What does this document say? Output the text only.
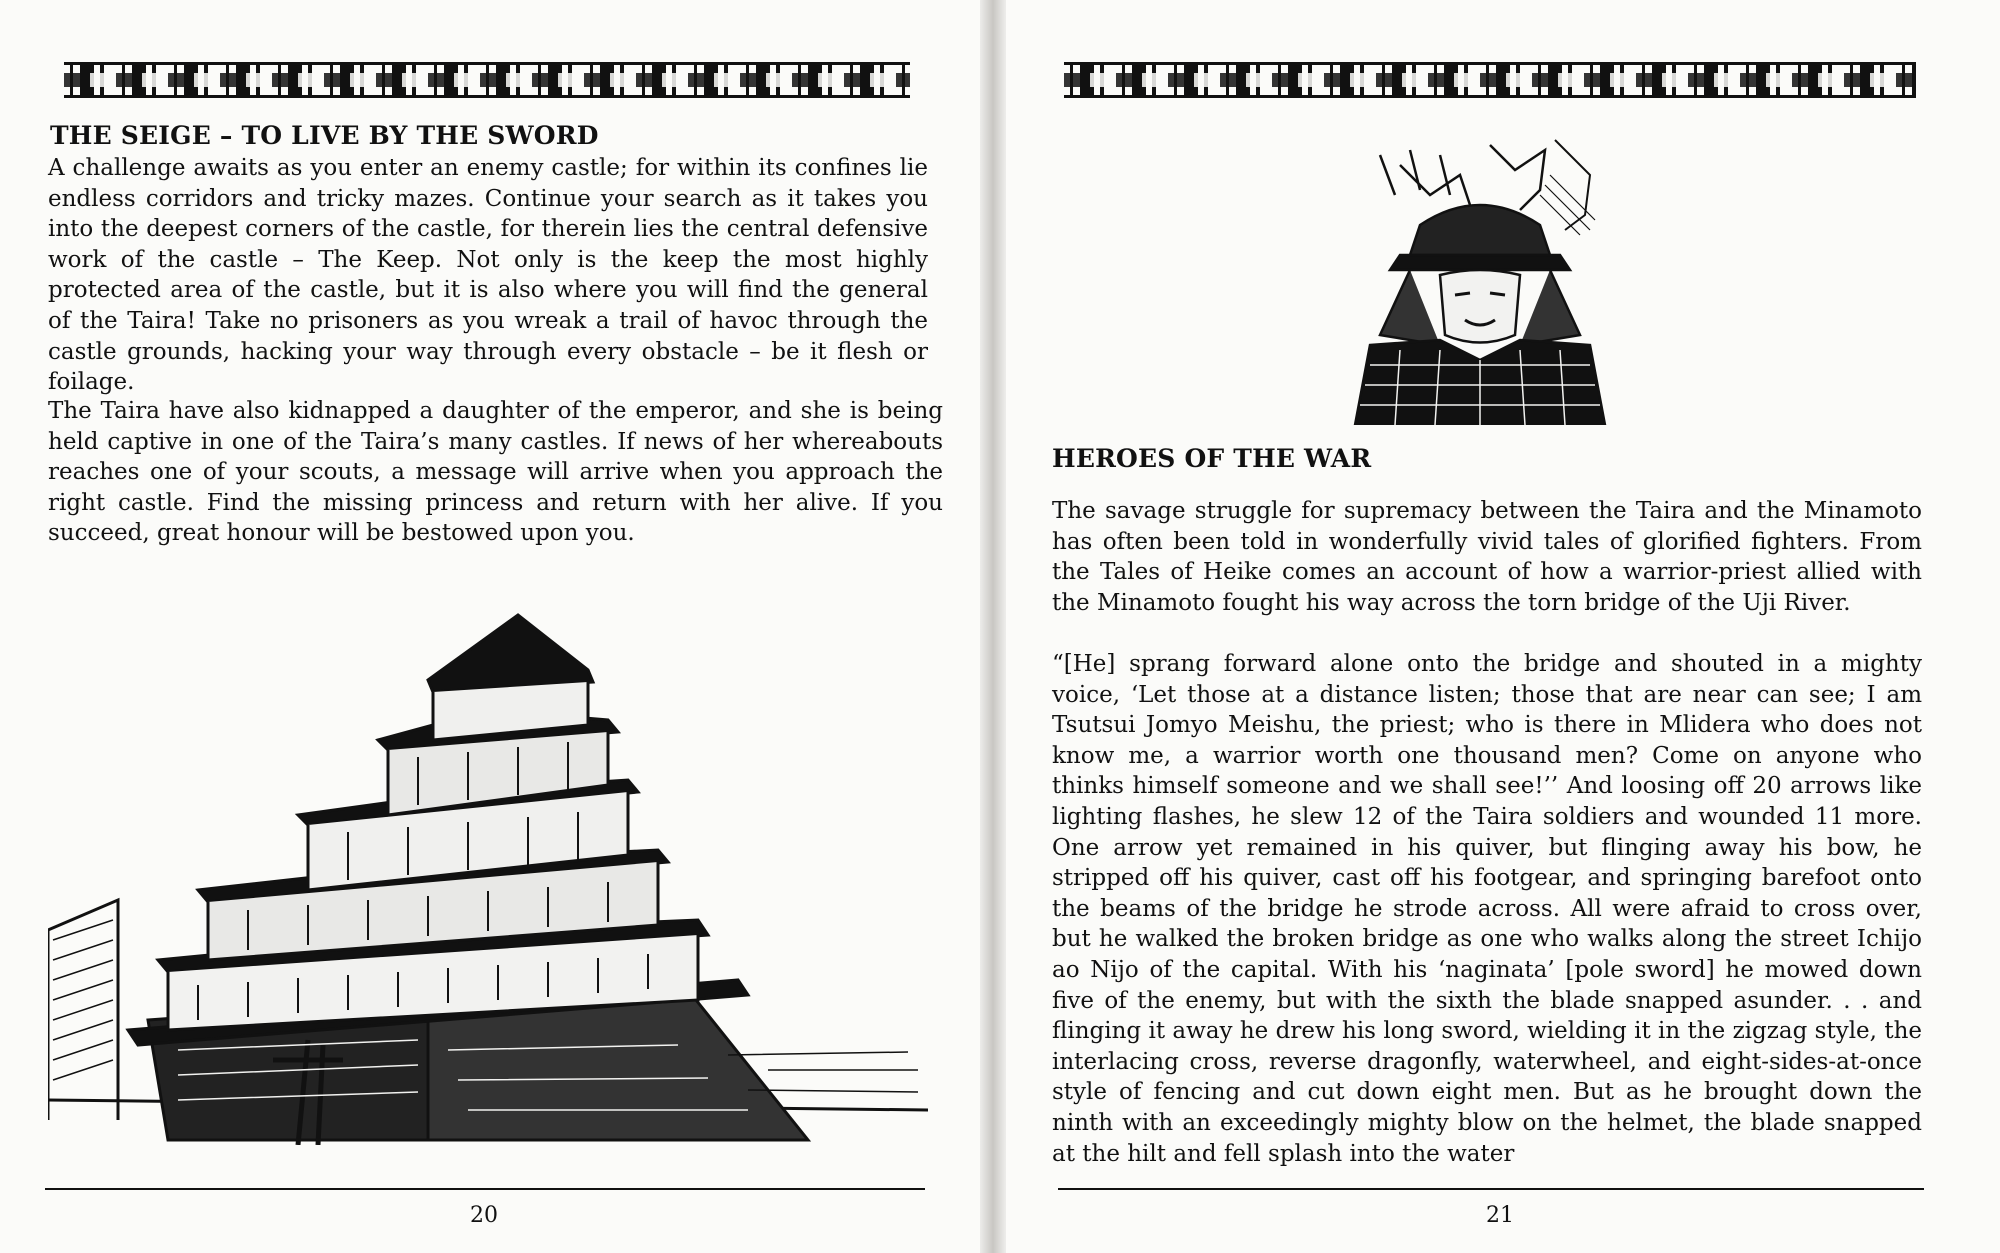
THE SEIGE – TO LIVE BY THE SWORD

A challenge awaits as you enter an enemy castle; for within its confines lie endless corridors and tricky mazes. Continue your search as it takes you into the deepest corners of the castle, for therein lies the central defensive work of the castle – The Keep. Not only is the keep the most highly protected area of the castle, but it is also where you will find the general of the Taira! Take no prisoners as you wreak a trail of havoc through the castle grounds, hacking your way through every obstacle – be it flesh or foilage.

The Taira have also kidnapped a daughter of the emperor, and she is being held captive in one of the Taira’s many castles. If news of her whereabouts reaches one of your scouts, a message will arrive when you approach the right castle. Find the missing princess and return with her alive. If you succeed, great honour will be bestowed upon you.

20
HEROES OF THE WAR

The savage struggle for supremacy between the Taira and the Minamoto has often been told in wonderfully vivid tales of glorified fighters. From the Tales of Heike comes an account of how a warrior-priest allied with the Minamoto fought his way across the torn bridge of the Uji River.

“[He] sprang forward alone onto the bridge and shouted in a mighty voice, ‘Let those at a distance listen; those that are near can see; I am Tsutsui Jomyo Meishu, the priest; who is there in Mlidera who does not know me, a warrior worth one thousand men? Come on anyone who thinks himself someone and we shall see!’’ And loosing off 20 arrows like lighting flashes, he slew 12 of the Taira soldiers and wounded 11 more. One arrow yet remained in his quiver, but flinging away his bow, he stripped off his quiver, cast off his footgear, and springing barefoot onto the beams of the bridge he strode across. All were afraid to cross over, but he walked the broken bridge as one who walks along the street Ichijo ao Nijo of the capital. With his ‘naginata’ [pole sword] he mowed down five of the enemy, but with the sixth the blade snapped asunder. . . and flinging it away he drew his long sword, wielding it in the zigzag style, the interlacing cross, reverse dragonfly, waterwheel, and eight-sides-at-once style of fencing and cut down eight men. But as he brought down the ninth with an exceedingly mighty blow on the helmet, the blade snapped at the hilt and fell splash into the water

21
